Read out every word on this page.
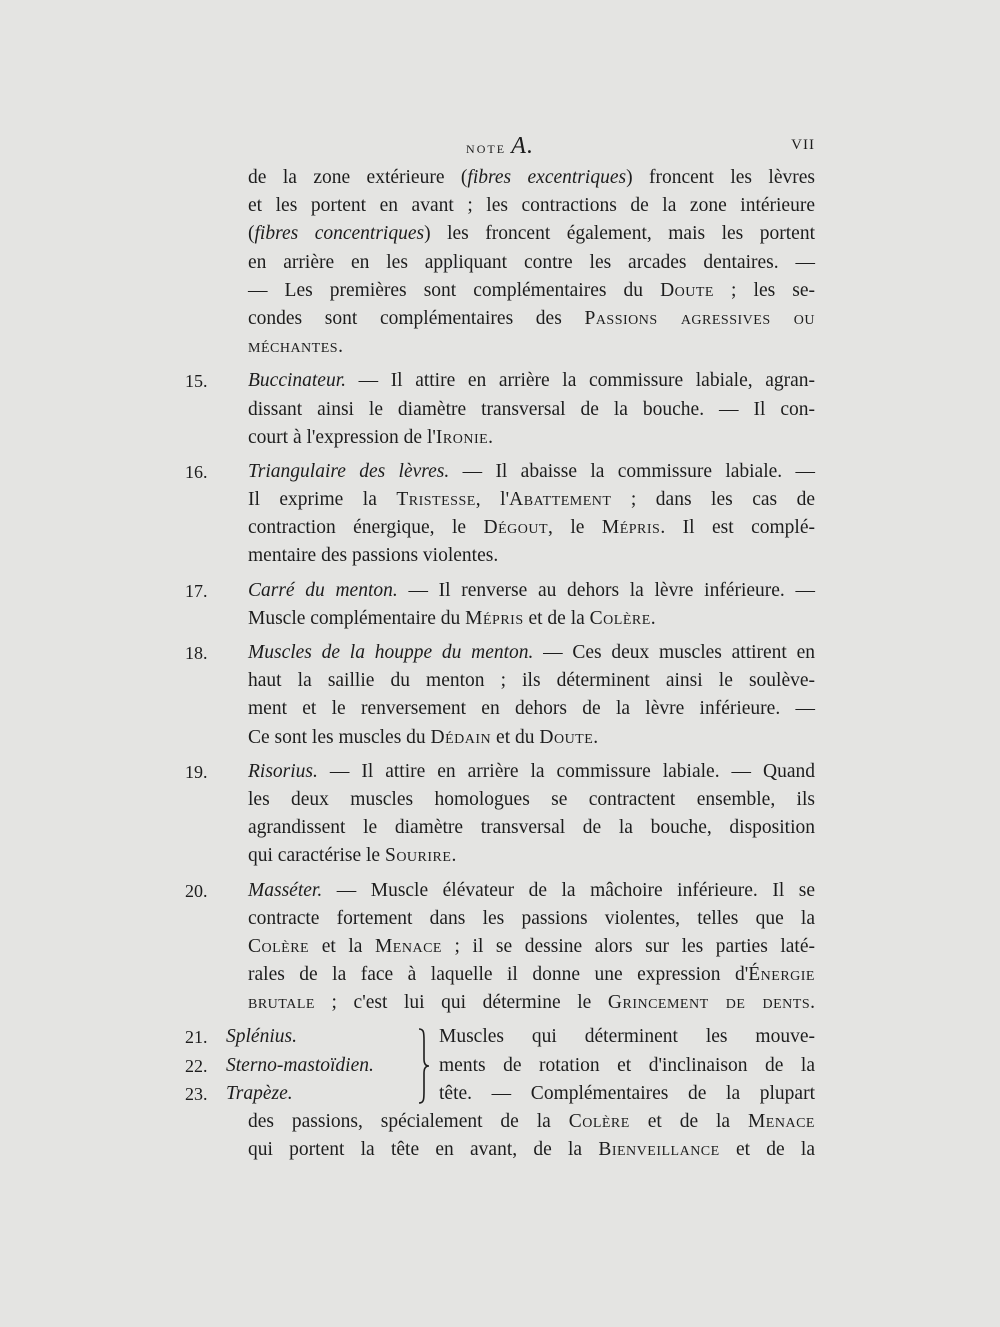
note A.	VII
de la zone extérieure (fibres excentriques) froncent les lèvres
et les portent en avant ; les contractions de la zone intérieure
(fibres concentriques) les froncent également, mais les portent
en arrière en les appliquant contre les arcades dentaires. —
— Les premières sont complémentaires du Doute ; les se-
condes sont complémentaires des Passions agressives ou
méchantes.
15.	Buccinateur. — Il attire en arrière la commissure labiale, agran-
dissant ainsi le diamètre transversal de la bouche. — Il con-
court à l'expression de l'Ironie.
16.	Triangulaire des lèvres. — Il abaisse la commissure labiale. —
Il exprime la Tristesse, l'Abattement ; dans les cas de
contraction énergique, le Dégout, le Mépris. Il est complé-
mentaire des passions violentes.
17.	Carré du menton. — Il renverse au dehors la lèvre inférieure. —
Muscle complémentaire du Mépris et de la Colère.
18.	Muscles de la houppe du menton. — Ces deux muscles attirent en
haut la saillie du menton ; ils déterminent ainsi le soulève-
ment et le renversement en dehors de la lèvre inférieure. —
Ce sont les muscles du Dédain et du Doute.
19.	Risorius. — Il attire en arrière la commissure labiale. — Quand
les deux muscles homologues se contractent ensemble, ils
agrandissent le diamètre transversal de la bouche, disposition
qui caractérise le Sourire.
20.	Masséter. — Muscle élévateur de la mâchoire inférieure. Il se
contracte fortement dans les passions violentes, telles que la
Colère et la Menace ; il se dessine alors sur les parties laté-
rales de la face à laquelle il donne une expression d'Énergie
brutale ; c'est lui qui détermine le Grincement de dents.
21. Splénius.	Muscles qui déterminent les mouve-
22. Sterno-mastoïdien.	ments de rotation et d'inclinaison de la
23. Trapèze.	tête. — Complémentaires de la plupart
des passions, spécialement de la Colère et de la Menace
qui portent la tête en avant, de la Bienveillance et de la
